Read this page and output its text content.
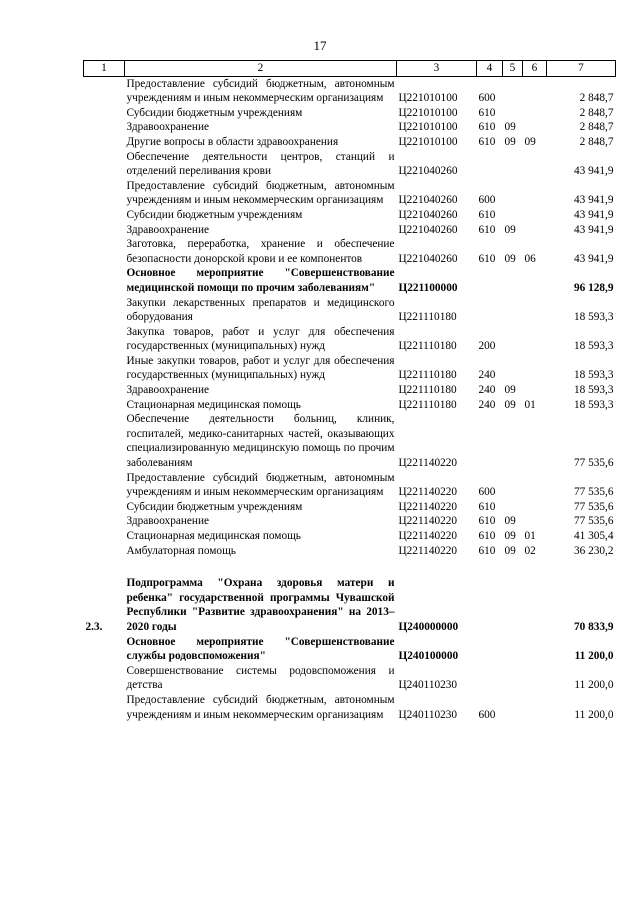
17
1	2	3	4	5	6	7
	Предоставление субсидий бюджетным, автономным учреждениям и иным некоммерческим организациям	Ц221010100	600			2 848,7
	Субсидии бюджетным учреждениям	Ц221010100	610			2 848,7
	Здравоохранение	Ц221010100	610	09		2 848,7
	Другие вопросы в области здравоохранения	Ц221010100	610	09	09	2 848,7
	Обеспечение деятельности центров, станций и отделений переливания крови	Ц221040260				43 941,9
	Предоставление субсидий бюджетным, автономным учреждениям и иным некоммерческим организациям	Ц221040260	600			43 941,9
	Субсидии бюджетным учреждениям	Ц221040260	610			43 941,9
	Здравоохранение	Ц221040260	610	09		43 941,9
	Заготовка, переработка, хранение и обеспечение безопасности донорской крови и ее компонентов	Ц221040260	610	09	06	43 941,9
	Основное мероприятие "Совершенствование медицинской помощи по прочим заболеваниям"	Ц221100000				96 128,9
	Закупки лекарственных препаратов и медицинского оборудования	Ц221110180				18 593,3
	Закупка товаров, работ и услуг для обеспечения государственных (муниципальных) нужд	Ц221110180	200			18 593,3
	Иные закупки товаров, работ и услуг для обеспечения государственных (муниципальных) нужд	Ц221110180	240			18 593,3
	Здравоохранение	Ц221110180	240	09		18 593,3
	Стационарная медицинская помощь	Ц221110180	240	09	01	18 593,3
	Обеспечение деятельности больниц, клиник, госпиталей, медико-санитарных частей, оказывающих специализированную медицинскую помощь по прочим заболеваниям	Ц221140220				77 535,6
	Предоставление субсидий бюджетным, автономным учреждениям и иным некоммерческим организациям	Ц221140220	600			77 535,6
	Субсидии бюджетным учреждениям	Ц221140220	610			77 535,6
	Здравоохранение	Ц221140220	610	09		77 535,6
	Стационарная медицинская помощь	Ц221140220	610	09	01	41 305,4
	Амбулаторная помощь	Ц221140220	610	09	02	36 230,2

2.3.	Подпрограмма "Охрана здоровья матери и ребенка" государственной программы Чувашской Республики "Развитие здравоохранения" на 2013–2020 годы	Ц240000000				70 833,9
	Основное мероприятие "Совершенствование службы родовспоможения"	Ц240100000				11 200,0
	Совершенствование системы родовспоможения и детства	Ц240110230				11 200,0
	Предоставление субсидий бюджетным, автономным учреждениям и иным некоммерческим организациям	Ц240110230	600			11 200,0
